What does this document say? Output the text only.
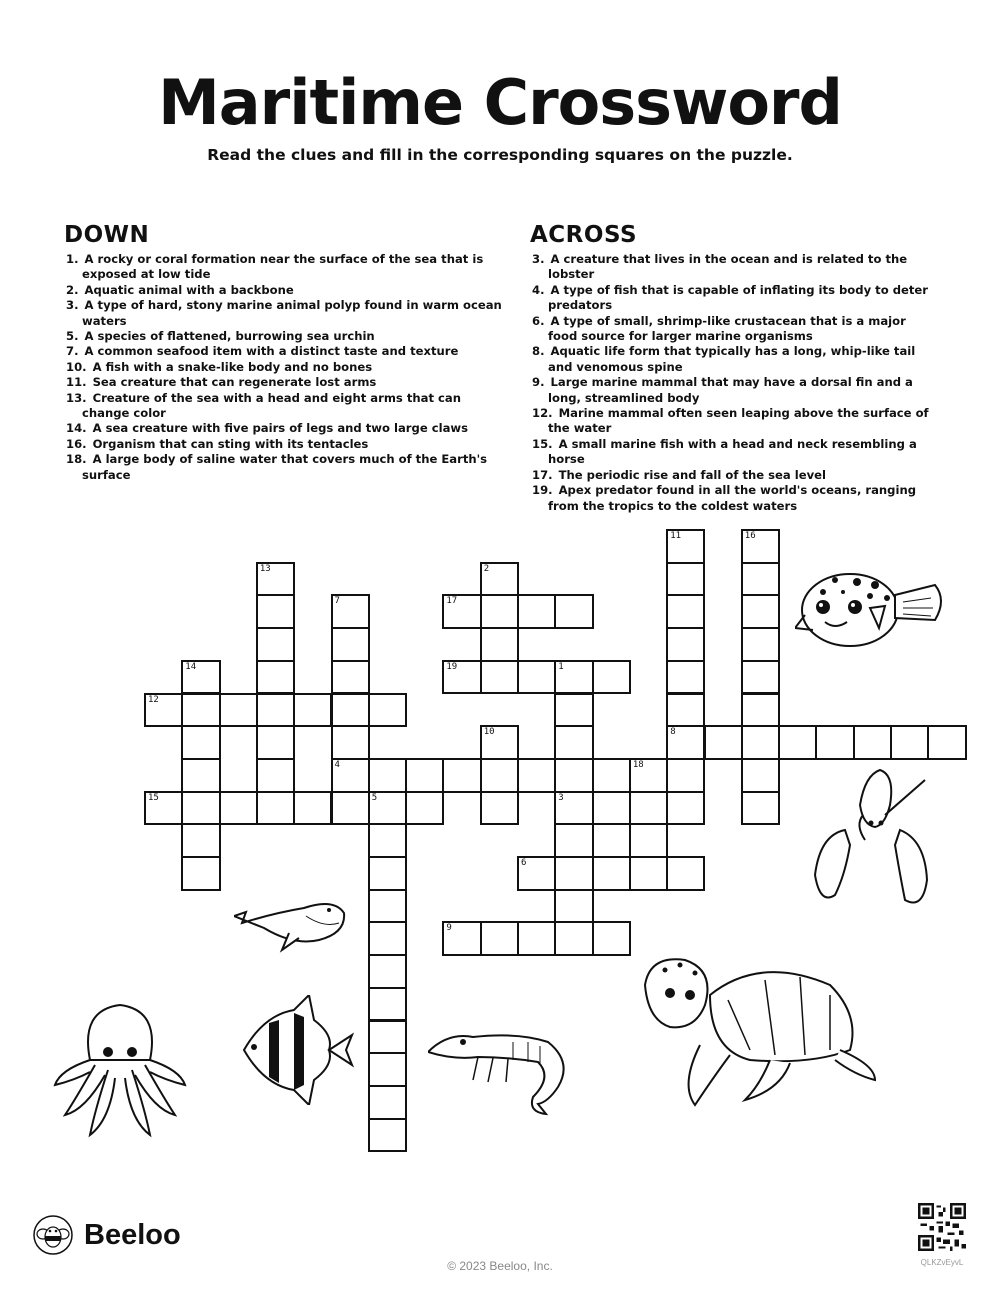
Maritime Crossword
Read the clues and fill in the corresponding squares on the puzzle.
DOWN
1. A rocky or coral formation near the surface of the sea that is exposed at low tide
2. Aquatic animal with a backbone
3. A type of hard, stony marine animal polyp found in warm ocean waters
5. A species of flattened, burrowing sea urchin
7. A common seafood item with a distinct taste and texture
10. A fish with a snake-like body and no bones
11. Sea creature that can regenerate lost arms
13. Creature of the sea with a head and eight arms that can change color
14. A sea creature with five pairs of legs and two large claws
16. Organism that can sting with its tentacles
18. A large body of saline water that covers much of the Earth's surface
ACROSS
3. A creature that lives in the ocean and is related to the lobster
4. A type of fish that is capable of inflating its body to deter predators
6. A type of small, shrimp-like crustacean that is a major food source for larger marine organisms
8. Aquatic life form that typically has a long, whip-like tail and venomous spine
9. Large marine mammal that may have a dorsal fin and a long, streamlined body
12. Marine mammal often seen leaping above the surface of the water
15. A small marine fish with a head and neck resembling a horse
17. The periodic rise and fall of the sea level
19. Apex predator found in all the world's oceans, ranging from the tropics to the coldest waters
11
8
16
13	2
17
7
4
14	19	1
12
10
18
15	5	3
6
9
Beeloo
© 2023 Beeloo, Inc.	QLKZvEyvL
